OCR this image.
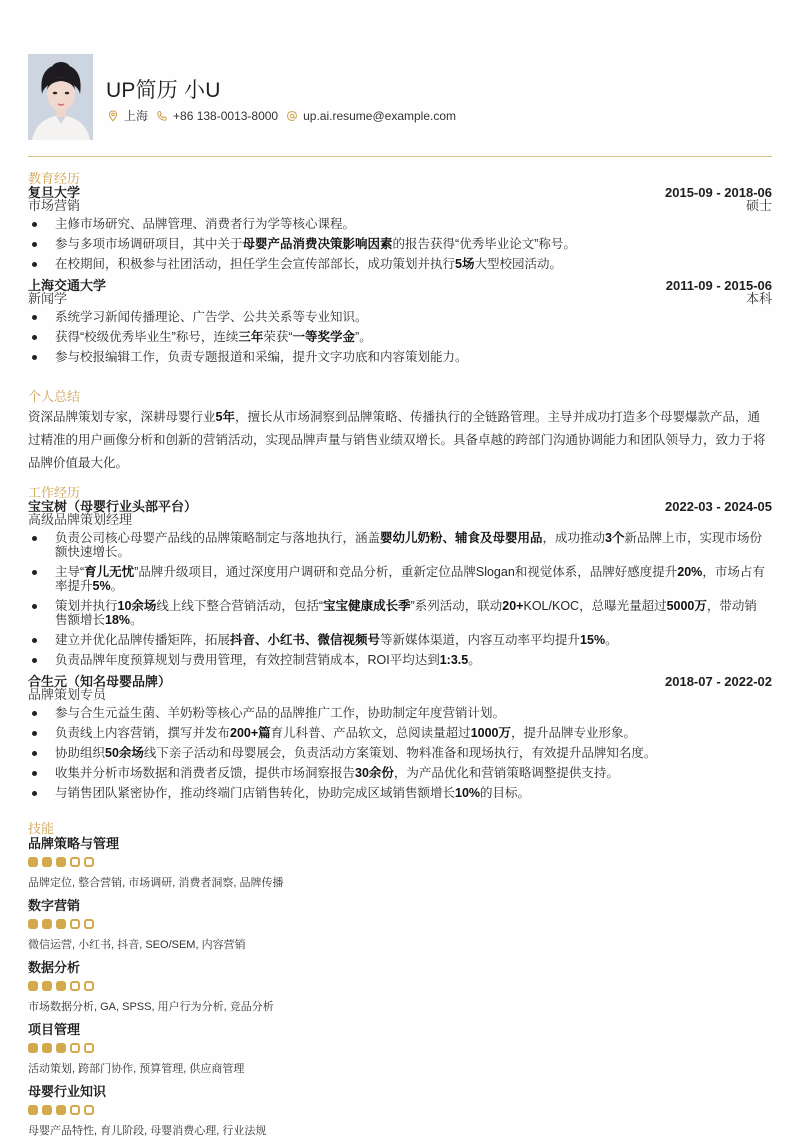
UP简历 小U
上海 +86 138-0013-8000 up.ai.resume@example.com
教育经历
复旦大学
市场营销
2015-09 - 2018-06
硕士
主修市场研究、品牌管理、消费者行为学等核心课程。
参与多项市场调研项目，其中关于母婴产品消费决策影响因素的报告获得“优秀毕业论文”称号。
在校期间，积极参与社团活动，担任学生会宣传部部长，成功策划并执行5场大型校园活动。
上海交通大学
新闻学
2011-09 - 2015-06
本科
系统学习新闻传播理论、广告学、公共关系等专业知识。
获得“校级优秀毕业生”称号，连续三年荣获“一等奖学金”。
参与校报编辑工作，负责专题报道和采编，提升文字功底和内容策划能力。
个人总结
资深品牌策划专家，深耕母婴行业5年，擅长从市场洞察到品牌策略、传播执行的全链路管理。主导并成功打造多个母婴爆款产品，通过精准的用户画像分析和创新的营销活动，实现品牌声量与销售业绩双增长。具备卓越的跨部门沟通协调能力和团队领导力，致力于将品牌价值最大化。
工作经历
宝宝树（母婴行业头部平台）
高级品牌策划经理
2022-03 - 2024-05
负责公司核心母婴产品线的品牌策略制定与落地执行，涵盖婴幼儿奶粉、辅食及母婴用品，成功推动3个新品牌上市，实现市场份额快速增长。
主导“育儿无忧”品牌升级项目，通过深度用户调研和竞品分析，重新定位品牌Slogan和视觉体系，品牌好感度提升20%，市场占有率提升5%。
策划并执行10余场线上线下整合营销活动，包括“宝宝健康成长季”系列活动，联动20+KOL/KOC，总曝光量超过5000万，带动销售额增长18%。
建立并优化品牌传播矩阵，拓展抖音、小红书、微信视频号等新媒体渠道，内容互动率平均提升15%。
负责品牌年度预算规划与费用管理，有效控制营销成本，ROI平均达到1:3.5。
合生元（知名母婴品牌）
品牌策划专员
2018-07 - 2022-02
参与合生元益生菌、羊奶粉等核心产品的品牌推广工作，协助制定年度营销计划。
负责线上内容营销，撰写并发布200+篇育儿科普、产品软文，总阅读量超过1000万，提升品牌专业形象。
协助组织50余场线下亲子活动和母婴展会，负责活动方案策划、物料准备和现场执行，有效提升品牌知名度。
收集并分析市场数据和消费者反馈，提供市场洞察报告30余份，为产品优化和营销策略调整提供支持。
与销售团队紧密协作，推动终端门店销售转化，协助完成区域销售额增长10%的目标。
技能
品牌策略与管理
品牌定位, 整合营销, 市场调研, 消费者洞察, 品牌传播
数字营销
微信运营, 小红书, 抖音, SEO/SEM, 内容营销
数据分析
市场数据分析, GA, SPSS, 用户行为分析, 竞品分析
项目管理
活动策划, 跨部门协作, 预算管理, 供应商管理
母婴行业知识
母婴产品特性, 育儿阶段, 母婴消费心理, 行业法规
